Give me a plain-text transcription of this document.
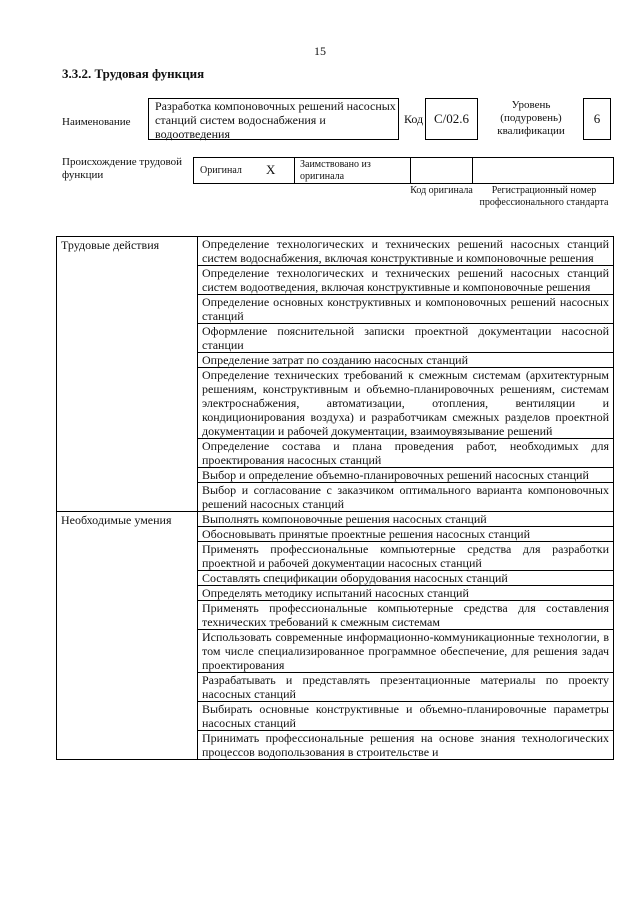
15
3.3.2. Трудовая функция
Наименование
Разработка компоновочных решений насосных станций систем водоснабжения и водоотведения
Код C/02.6
Уровень (подуровень) квалификации
6
Происхождение трудовой функции	Оригинал X Заимствовано из оригинала
Код оригинала	Регистрационный номер профессионального стандарта
Трудовые действия	Определение технологических и технических решений насосных станций систем водоснабжения, включая конструктивные и компоновочные решения
	Определение технологических и технических решений насосных станций систем водоотведения, включая конструктивные и компоновочные решения
	Определение основных конструктивных и компоновочных решений насосных станций
	Оформление пояснительной записки проектной документации насосной станции
	Определение затрат по созданию насосных станций
	Определение технических требований к смежным системам (архитектурным решениям, конструктивным и объемно-планировочных решениям, системам электроснабжения, автоматизации, отопления, вентиляции и кондиционирования воздуха) и разработчикам смежных разделов проектной документации и рабочей документации, взаимоувязывание решений
	Определение состава и плана проведения работ, необходимых для проектирования насосных станций
	Выбор и определение объемно-планировочных решений насосных станций
	Выбор и согласование с заказчиком оптимального варианта компоновочных решений насосных станций
Необходимые умения	Выполнять компоновочные решения насосных станций
	Обосновывать принятые проектные решения насосных станций
	Применять профессиональные компьютерные средства для разработки проектной и рабочей документации насосных станций
	Составлять спецификации оборудования насосных станций
	Определять методику испытаний насосных станций
	Применять профессиональные компьютерные средства для составления технических требований к смежным системам
	Использовать современные информационно-коммуникационные технологии, в том числе специализированное программное обеспечение, для решения задач проектирования
	Разрабатывать и представлять презентационные материалы по проекту насосных станций
	Выбирать основные конструктивные и объемно-планировочные параметры насосных станций
	Принимать профессиональные решения на основе знания технологических процессов водопользования в строительстве и
